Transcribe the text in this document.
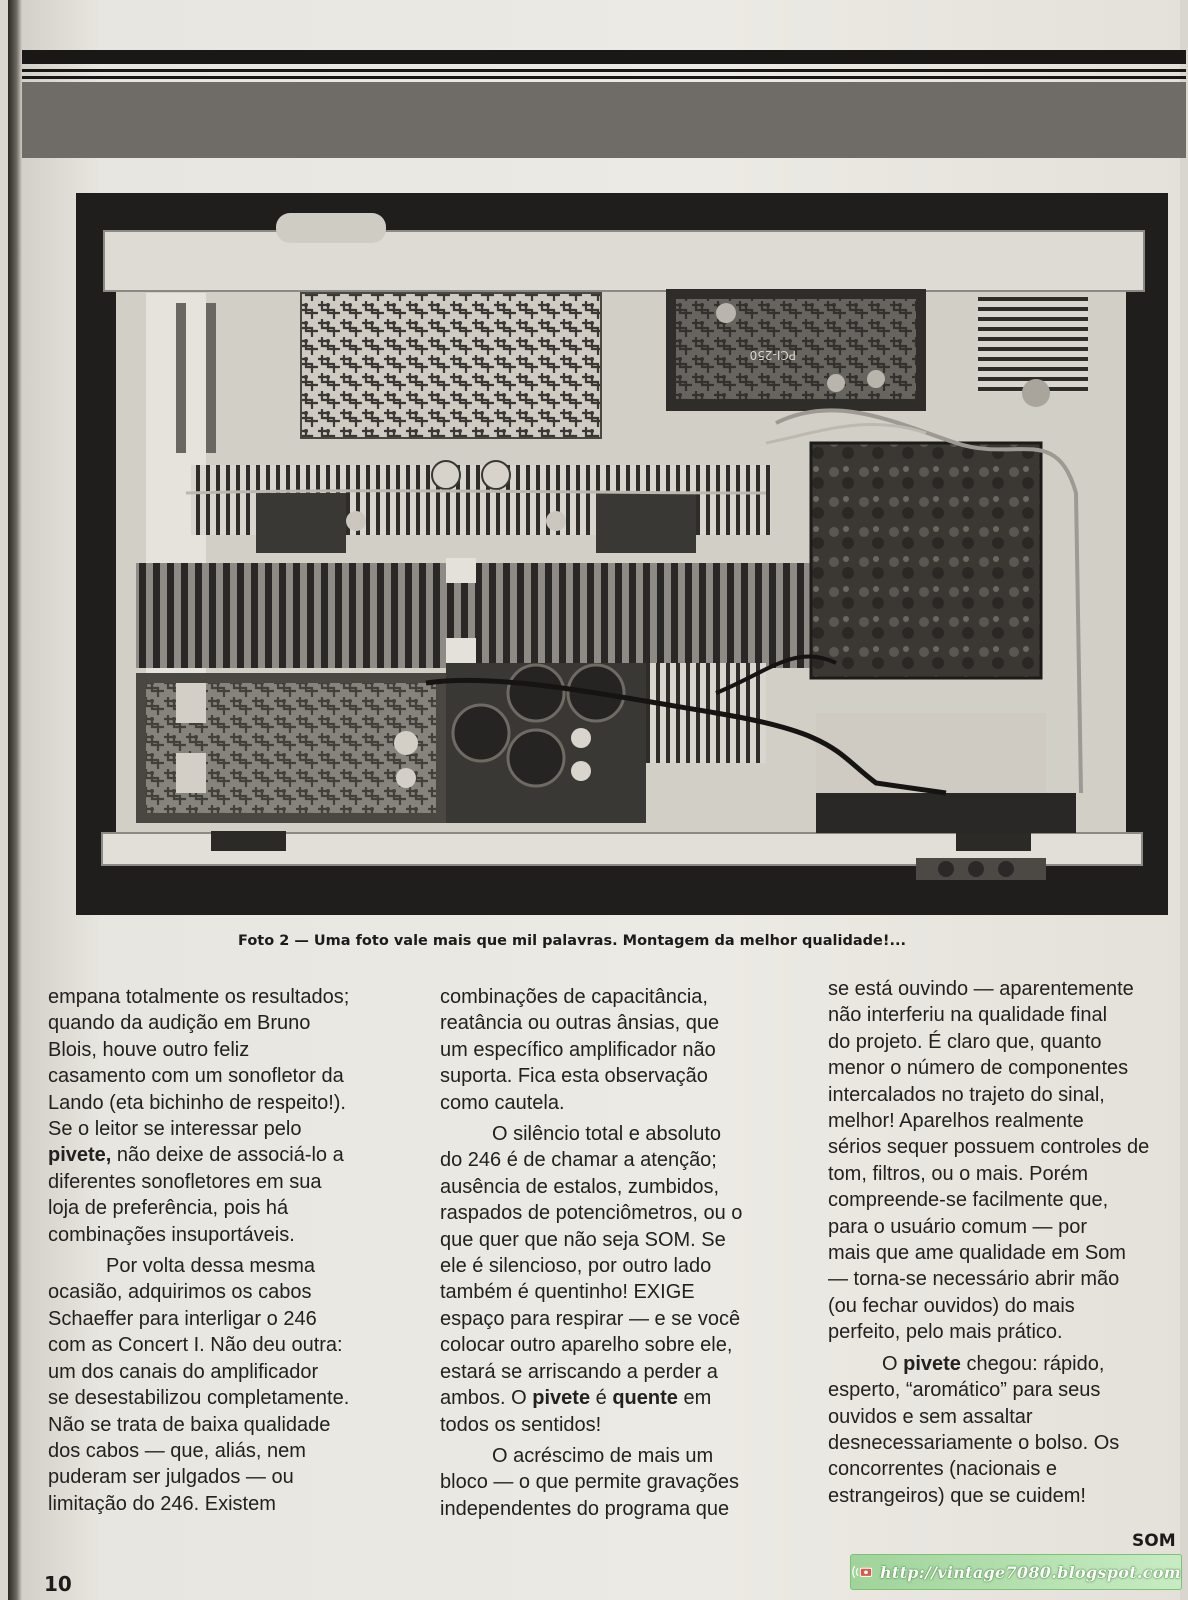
PCI-250
Foto 2 — Uma foto vale mais que mil palavras. Montagem da melhor qualidade!...

empana totalmente os resultados;
quando da audição em Bruno
Blois, houve outro feliz
casamento com um sonofletor da
Lando (eta bichinho de respeito!).
Se o leitor se interessar pelo
pivete, não deixe de associá-lo a
diferentes sonofletores em sua
loja de preferência, pois há
combinações insuportáveis.

Por volta dessa mesma
ocasião, adquirimos os cabos
Schaeffer para interligar o 246
com as Concert I. Não deu outra:
um dos canais do amplificador
se desestabilizou completamente.
Não se trata de baixa qualidade
dos cabos — que, aliás, nem
puderam ser julgados — ou
limitação do 246. Existem

combinações de capacitância,
reatância ou outras ânsias, que
um específico amplificador não
suporta. Fica esta observação
como cautela.

O silêncio total e absoluto
do 246 é de chamar a atenção;
ausência de estalos, zumbidos,
raspados de potenciômetros, ou o
que quer que não seja SOM. Se
ele é silencioso, por outro lado
também é quentinho! EXIGE
espaço para respirar — e se você
colocar outro aparelho sobre ele,
estará se arriscando a perder a
ambos. O pivete é quente em
todos os sentidos!

O acréscimo de mais um
bloco — o que permite gravações
independentes do programa que

se está ouvindo — aparentemente
não interferiu na qualidade final
do projeto. É claro que, quanto
menor o número de componentes
intercalados no trajeto do sinal,
melhor! Aparelhos realmente
sérios sequer possuem controles de
tom, filtros, ou o mais. Porém
compreende-se facilmente que,
para o usuário comum — por
mais que ame qualidade em Som
— torna-se necessário abrir mão
(ou fechar ouvidos) do mais
perfeito, pelo mais prático.

O pivete chegou: rápido,
esperto, “aromático” para seus
ouvidos e sem assaltar
desnecessariamente o bolso. Os
concorrentes (nacionais e
estrangeiros) que se cuidem!

SOM
10	http://vintage7080.blogspot.com
